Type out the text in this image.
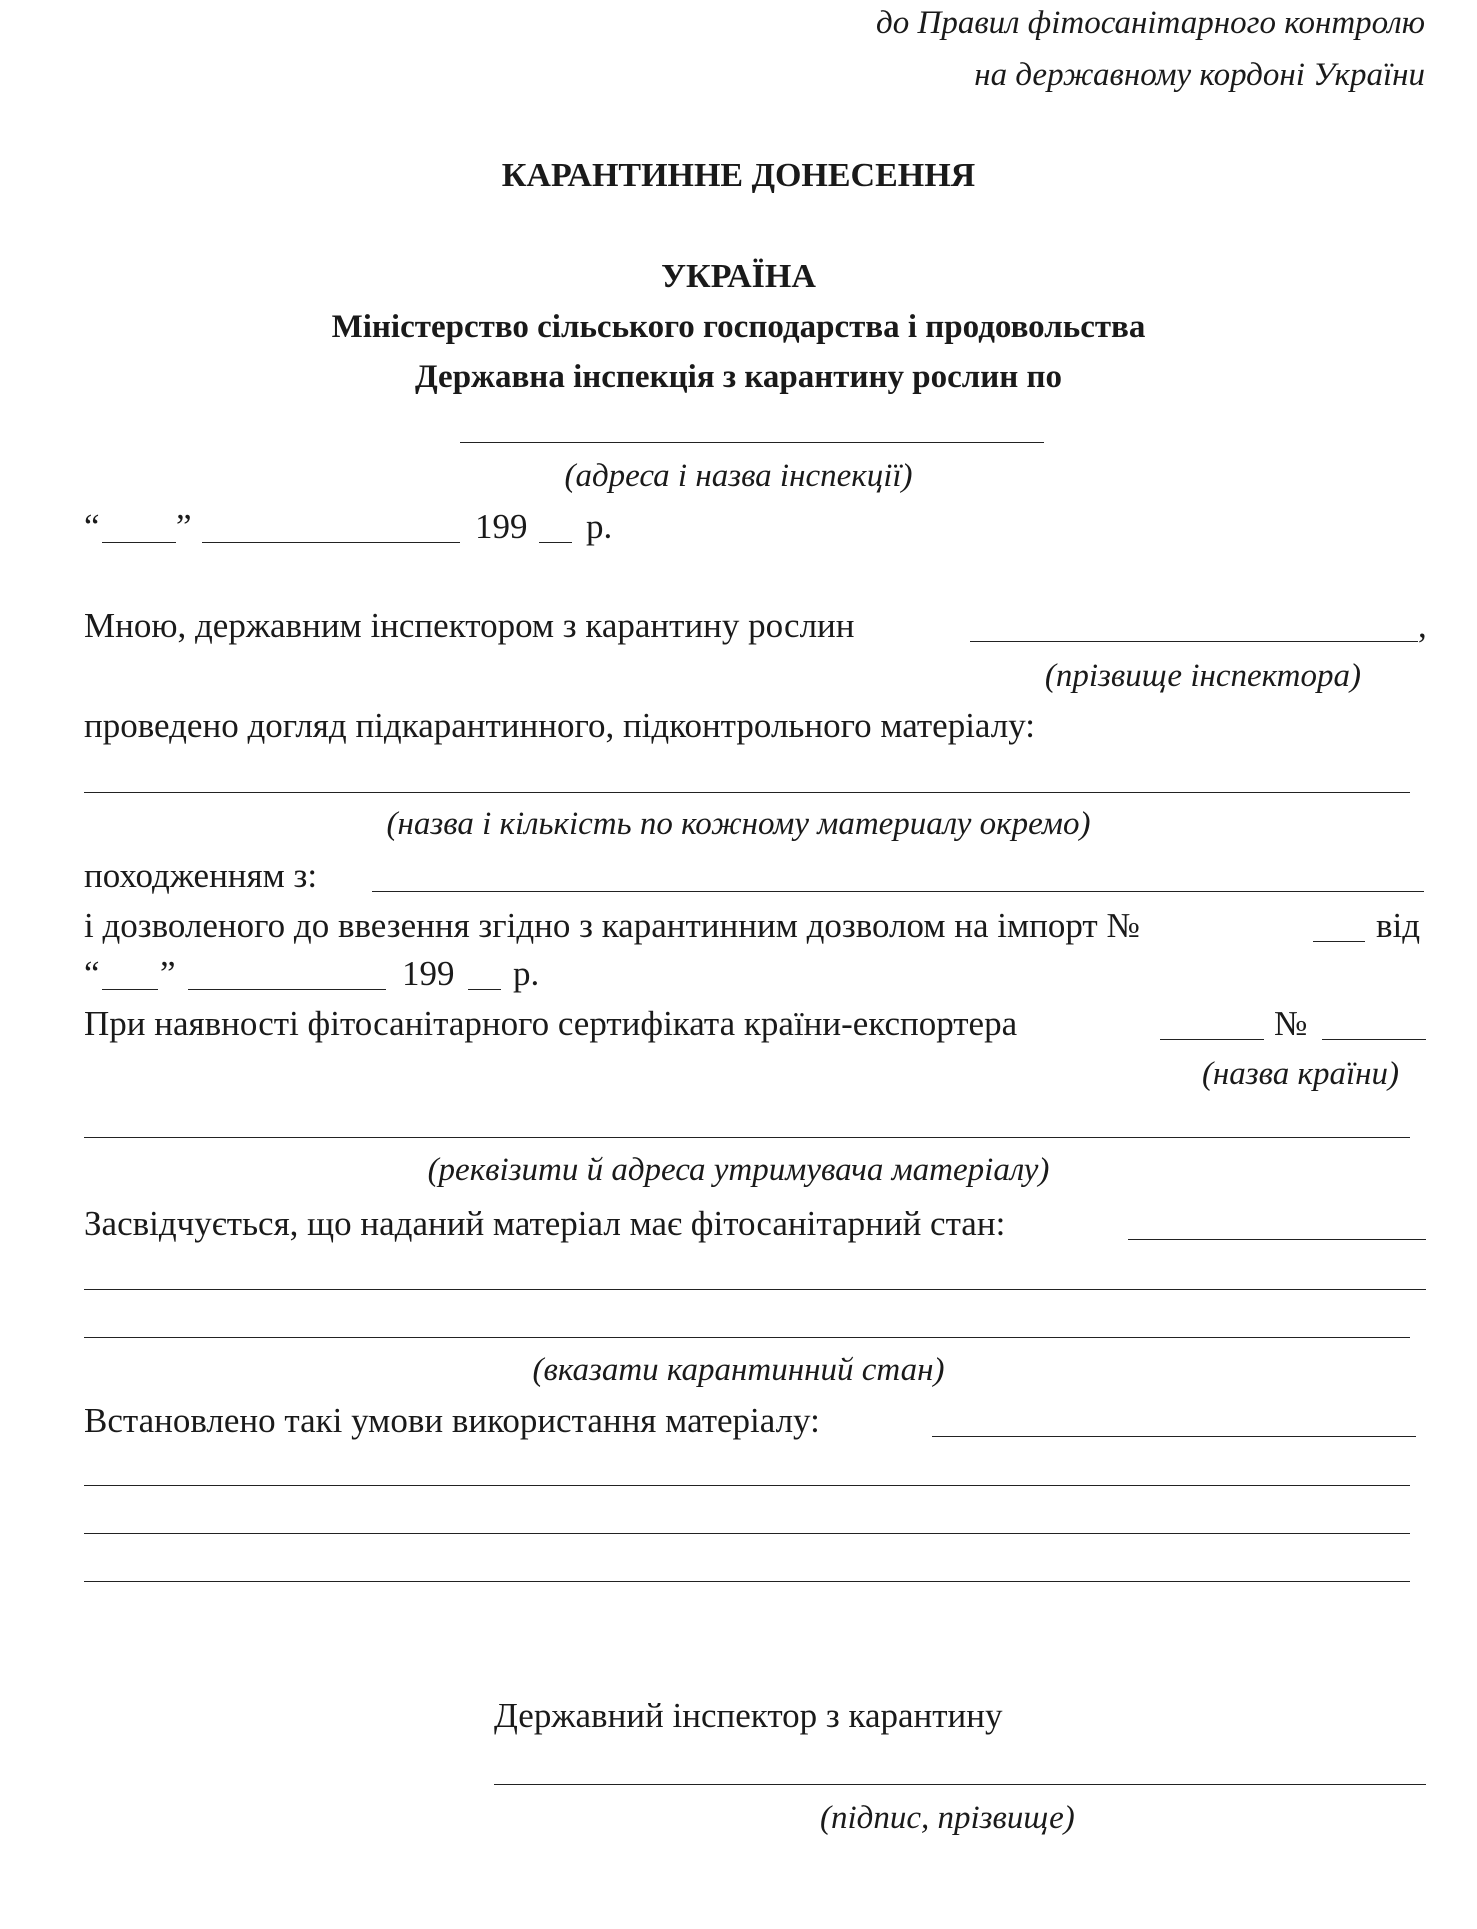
до Правил фітосанітарного контролю
на державному кордоні України
КАРАНТИННЕ ДОНЕСЕННЯ
УКРАЇНА
Міністерство сільського господарства і продовольства
Державна інспекція з карантину рослин по
(адреса і назва інспекції)
“ ”	199 р.
Мною, державним інспектором з карантину рослин	,
(прізвище інспектора)
проведено догляд підкарантинного, підконтрольного матеріалу:
(назва і кількість по кожному материалу окремо)
походженням з:
і дозволеного до ввезення згідно з карантинним дозволом на імпорт №	від
“ ”	199 р.
При наявності фітосанітарного сертифіката країни-експортера	№
(назва країни)
(реквізити й адреса утримувача матеріалу)
Засвідчується, що наданий матеріал має фітосанітарний стан:
(вказати карантинний стан)
Встановлено такі умови використання матеріалу:
Державний інспектор з карантину
(підпис, прізвище)
